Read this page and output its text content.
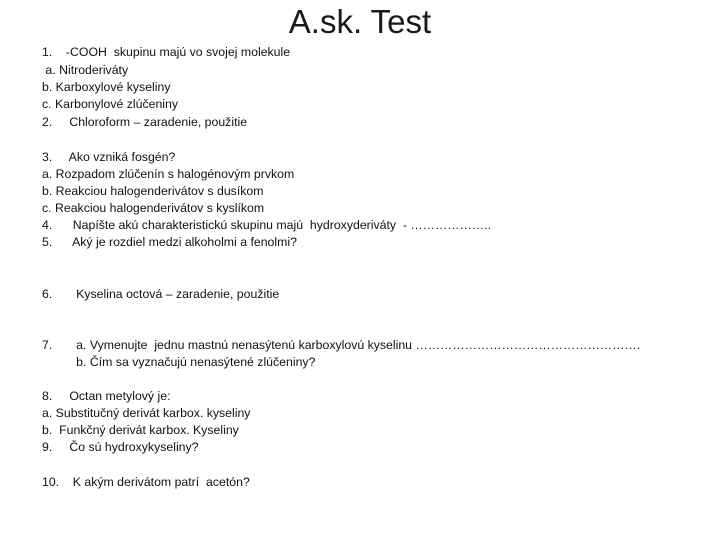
A.sk. Test
1.    -COOH  skupinu majú vo svojej molekule
a. Nitroderiváty
b. Karboxylové kyseliny
c. Karbonylové zlúčeniny
2.     Chloroform – zaradenie, použitie
3.     Ako vzniká fosgén?
a. Rozpadom zlúčenín s halogénovým prvkom
b. Reakciou halogenderivátov s dusíkom
c. Reakciou halogenderivátov s kyslíkom
4.      Napíšte akú charakteristickú skupinu majú  hydroxyderiváty  - ………………..
5.      Aký je rozdiel medzi alkoholmi a fenolmi?
6.       Kyselina octová – zaradenie, použitie
7.       a. Vymenujte  jednu mastnú nenasýtenú karboxylovú kyselinu ……………………………………………….
b. Čím sa vyznačujú nenasýtené zlúčeniny?
8.     Octan metylový je:
a. Substitučný derivát karbox. kyseliny
b.  Funkčný derivát karbox. Kyseliny
9.     Čo sú hydroxykyseliny?
10.    K akým derivátom patrí  acetón?
